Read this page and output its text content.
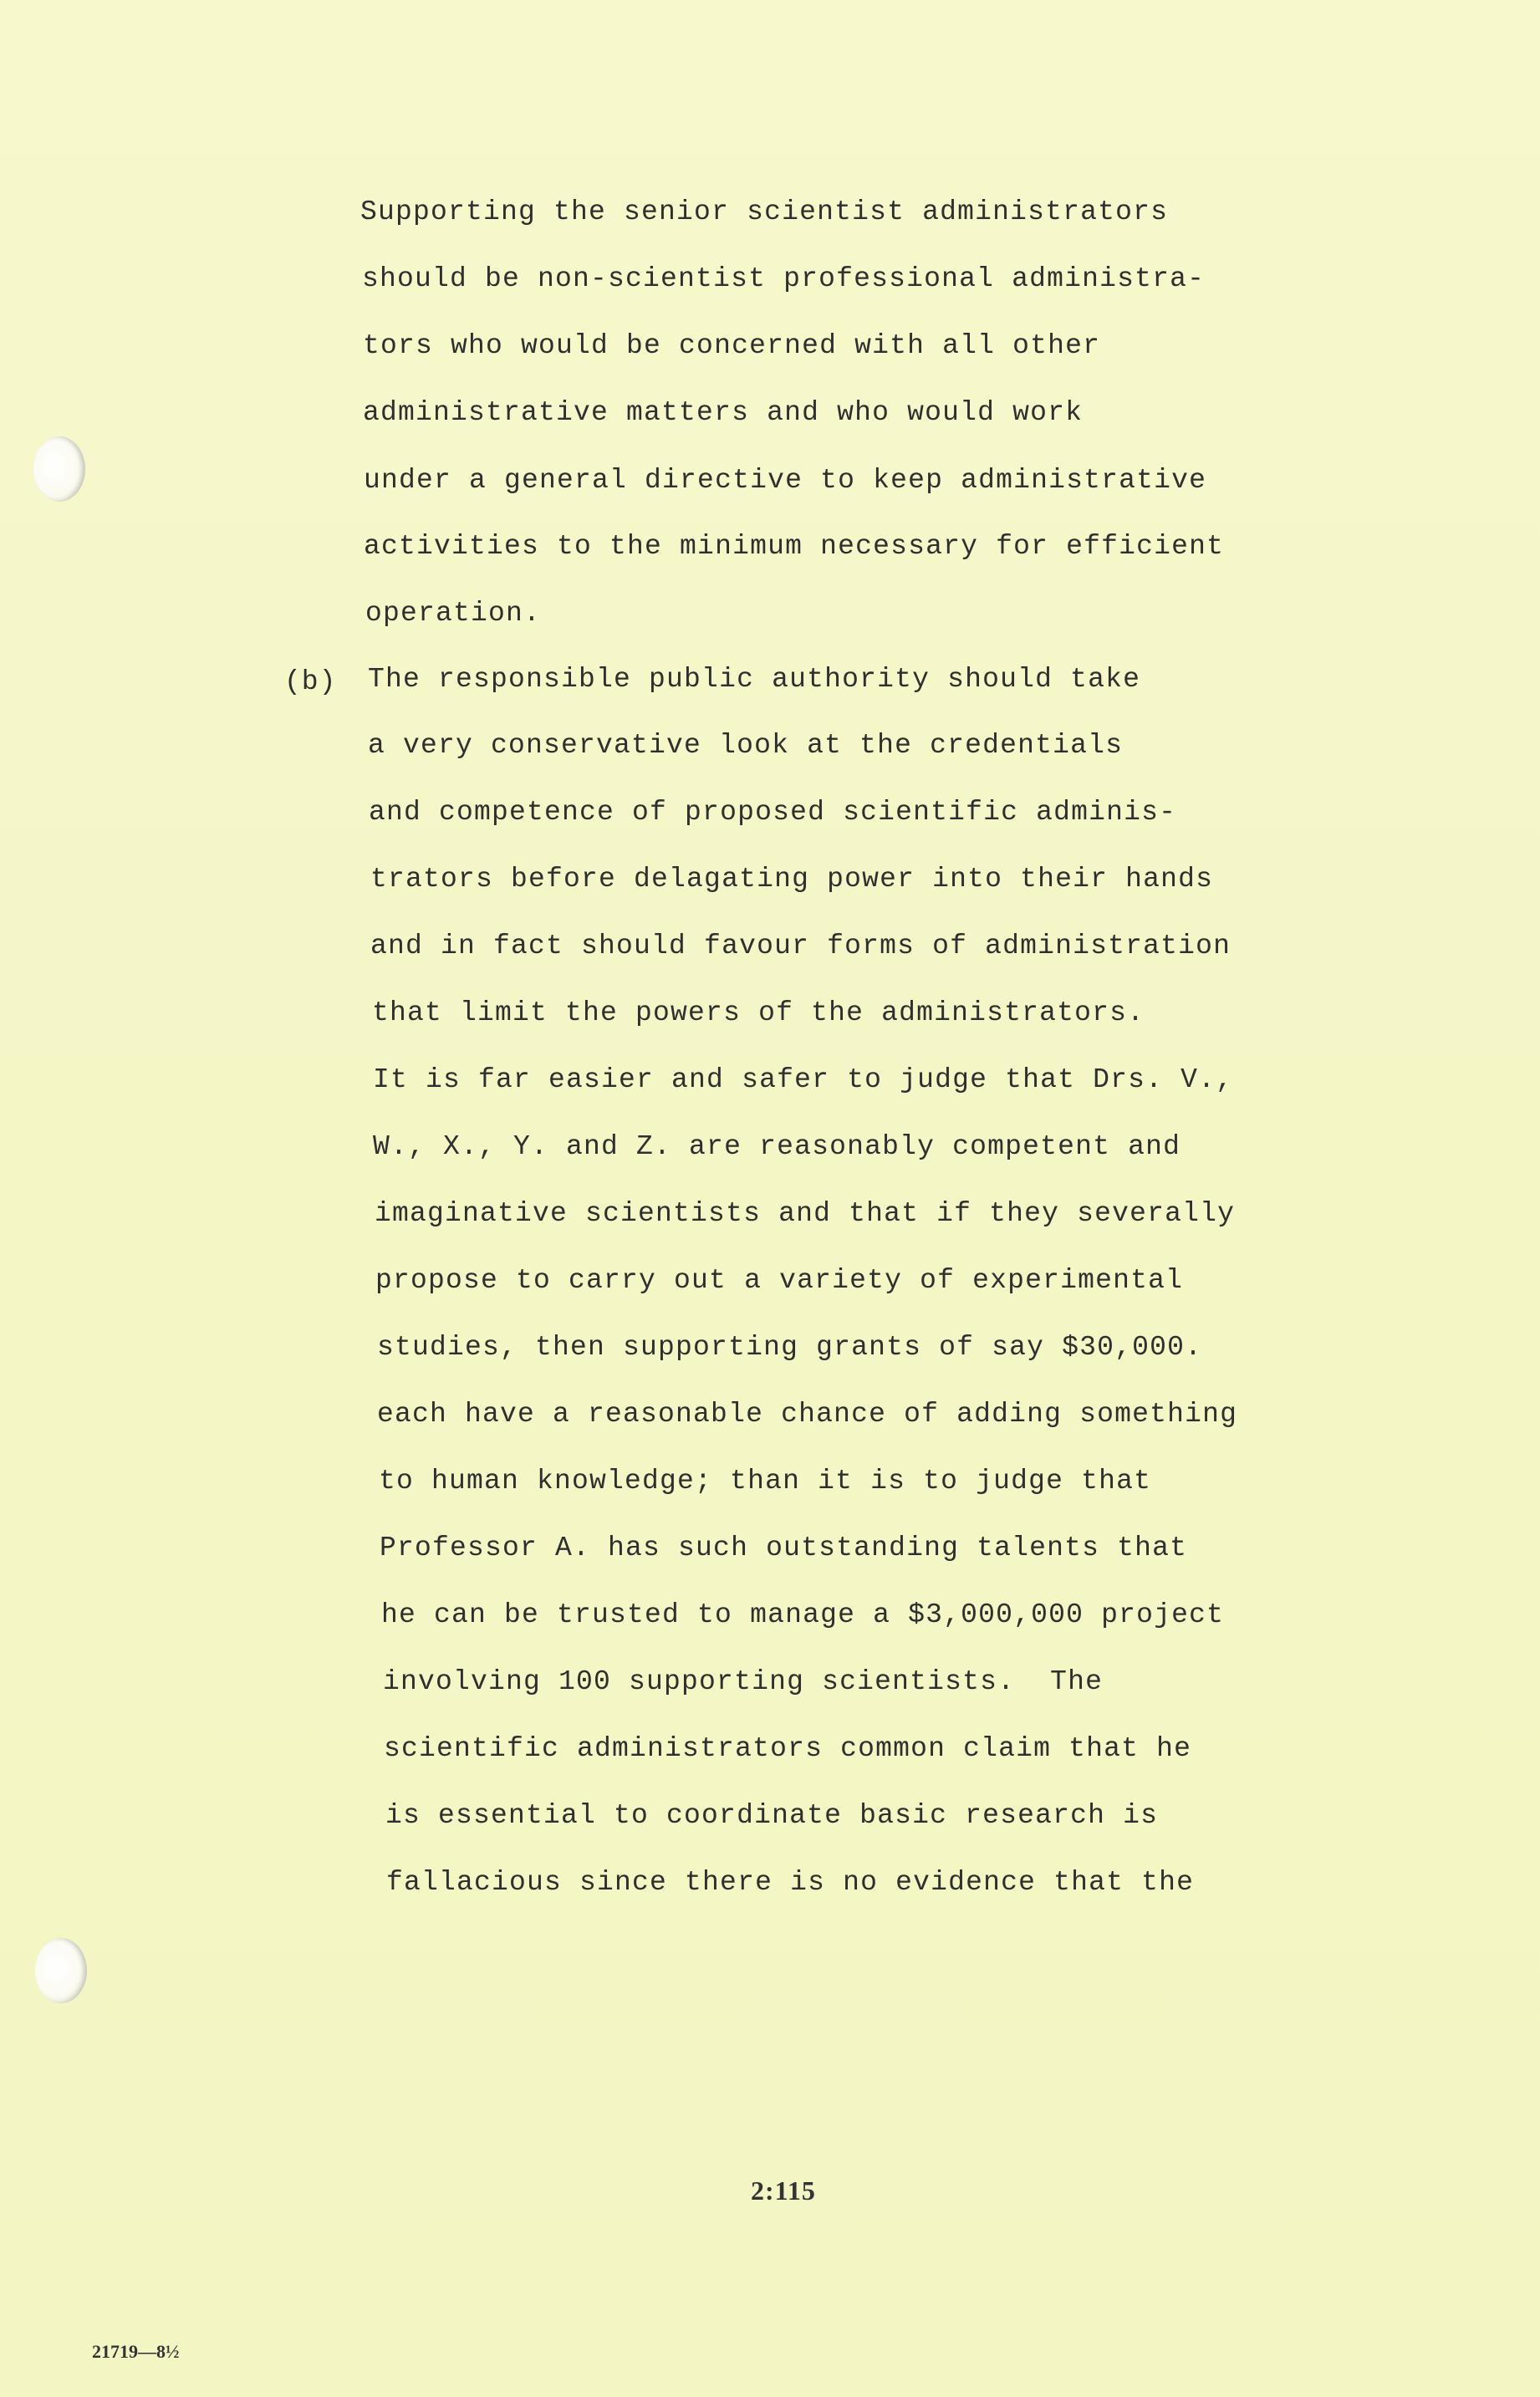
Supporting the senior scientist administrators
should be non-scientist professional administra-
tors who would be concerned with all other
administrative matters and who would work
under a general directive to keep administrative
activities to the minimum necessary for efficient
operation.
(b) The responsible public authority should take
a very conservative look at the credentials
and competence of proposed scientific adminis-
trators before delagating power into their hands
and in fact should favour forms of administration
that limit the powers of the administrators.
It is far easier and safer to judge that Drs. V.,
W., X., Y. and Z. are reasonably competent and
imaginative scientists and that if they severally
propose to carry out a variety of experimental
studies, then supporting grants of say $30,000.
each have a reasonable chance of adding something
to human knowledge; than it is to judge that
Professor A. has such outstanding talents that
he can be trusted to manage a $3,000,000 project
involving 100 supporting scientists.  The
scientific administrators common claim that he
is essential to coordinate basic research is
fallacious since there is no evidence that the
2:115
21719—8½
